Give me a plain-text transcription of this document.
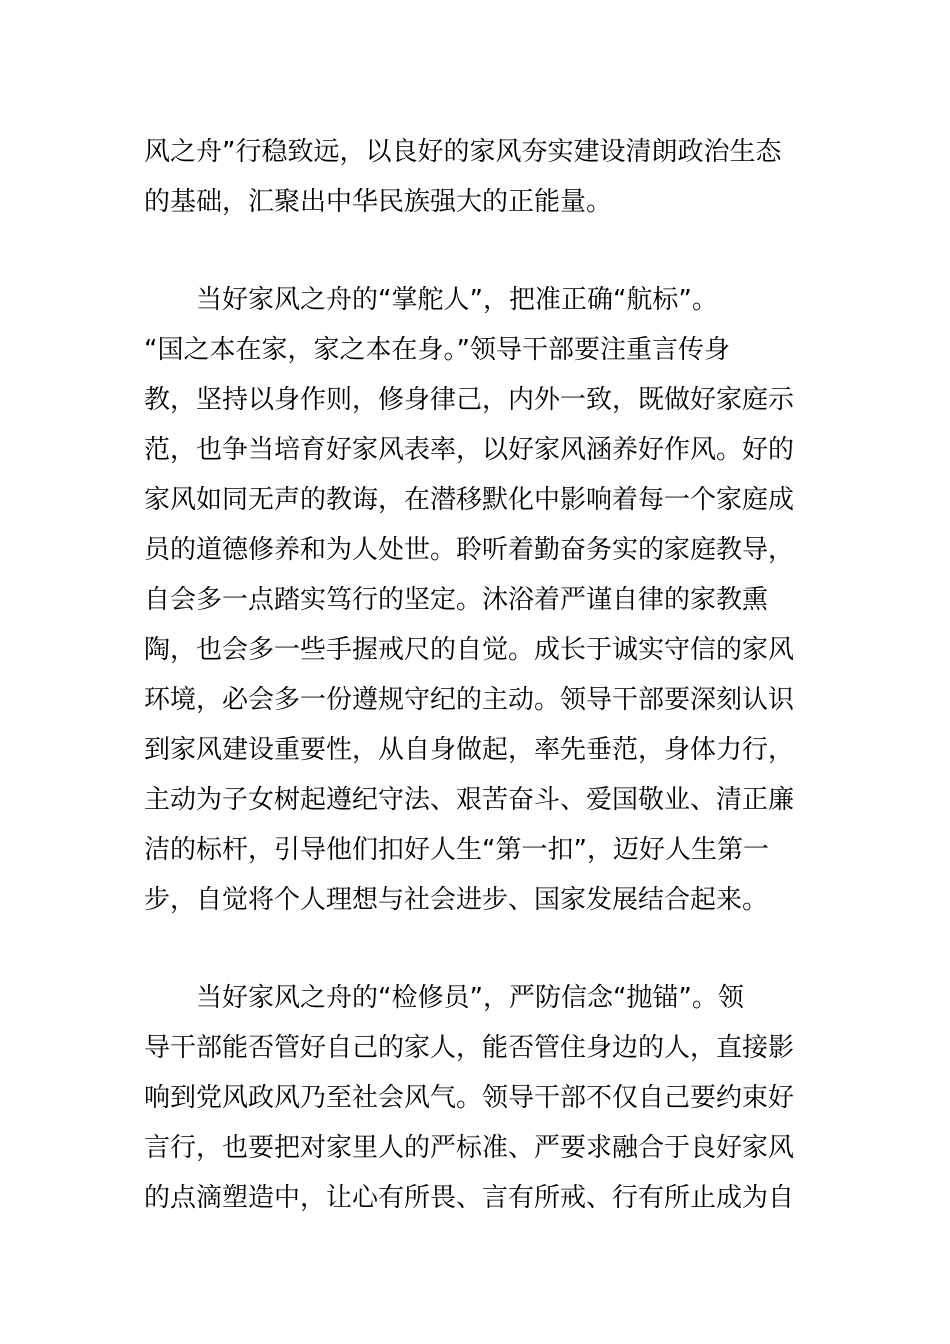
风之舟”行稳致远，以良好的家风夯实建设清朗政治生态
的基础，汇聚出中华民族强大的正能量。
当好家风之舟的“掌舵人”，把准正确“航标”。
“国之本在家，家之本在身。”领导干部要注重言传身
教，坚持以身作则，修身律己，内外一致，既做好家庭示
范，也争当培育好家风表率，以好家风涵养好作风。好的
家风如同无声的教诲，在潜移默化中影响着每一个家庭成
员的道德修养和为人处世。聆听着勤奋务实的家庭教导，
自会多一点踏实笃行的坚定。沐浴着严谨自律的家教熏
陶，也会多一些手握戒尺的自觉。成长于诚实守信的家风
环境，必会多一份遵规守纪的主动。领导干部要深刻认识
到家风建设重要性，从自身做起，率先垂范，身体力行，
主动为子女树起遵纪守法、艰苦奋斗、爱国敬业、清正廉
洁的标杆，引导他们扣好人生“第一扣”，迈好人生第一
步，自觉将个人理想与社会进步、国家发展结合起来。
当好家风之舟的“检修员”，严防信念“抛锚”。领
导干部能否管好自己的家人，能否管住身边的人，直接影
响到党风政风乃至社会风气。领导干部不仅自己要约束好
言行，也要把对家里人的严标准、严要求融合于良好家风
的点滴塑造中，让心有所畏、言有所戒、行有所止成为自
